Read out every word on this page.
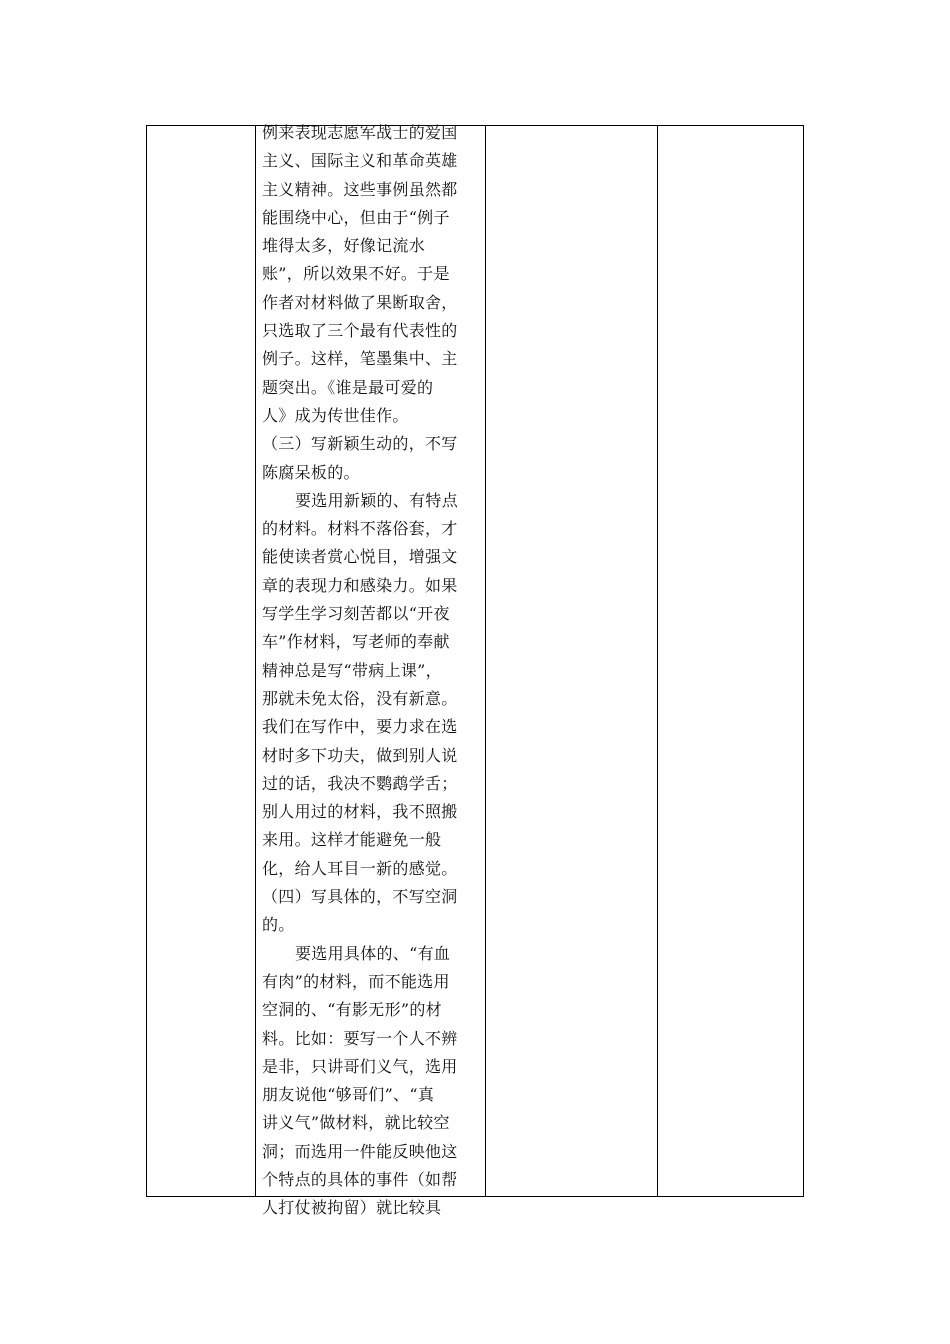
例来表现志愿军战士的爱国
主义、国际主义和革命英雄
主义精神。这些事例虽然都
能围绕中心，但由于“例子
堆得太多，好像记流水
账”，所以效果不好。于是
作者对材料做了果断取舍，
只选取了三个最有代表性的
例子。这样，笔墨集中、主
题突出。《谁是最可爱的
人》成为传世佳作。
（三）写新颖生动的，不写
陈腐呆板的。
要选用新颖的、有特点
的材料。材料不落俗套，才
能使读者赏心悦目，增强文
章的表现力和感染力。如果
写学生学习刻苦都以“开夜
车”作材料，写老师的奉献
精神总是写“带病上课”，
那就未免太俗，没有新意。
我们在写作中，要力求在选
材时多下功夫，做到别人说
过的话，我决不鹦鹉学舌；
别人用过的材料，我不照搬
来用。这样才能避免一般
化，给人耳目一新的感觉。
（四）写具体的，不写空洞
的。
要选用具体的、“有血
有肉”的材料，而不能选用
空洞的、“有影无形”的材
料。比如：要写一个人不辨
是非，只讲哥们义气，选用
朋友说他“够哥们”、“真
讲义气”做材料，就比较空
洞；而选用一件能反映他这
个特点的具体的事件（如帮
人打仗被拘留）就比较具
